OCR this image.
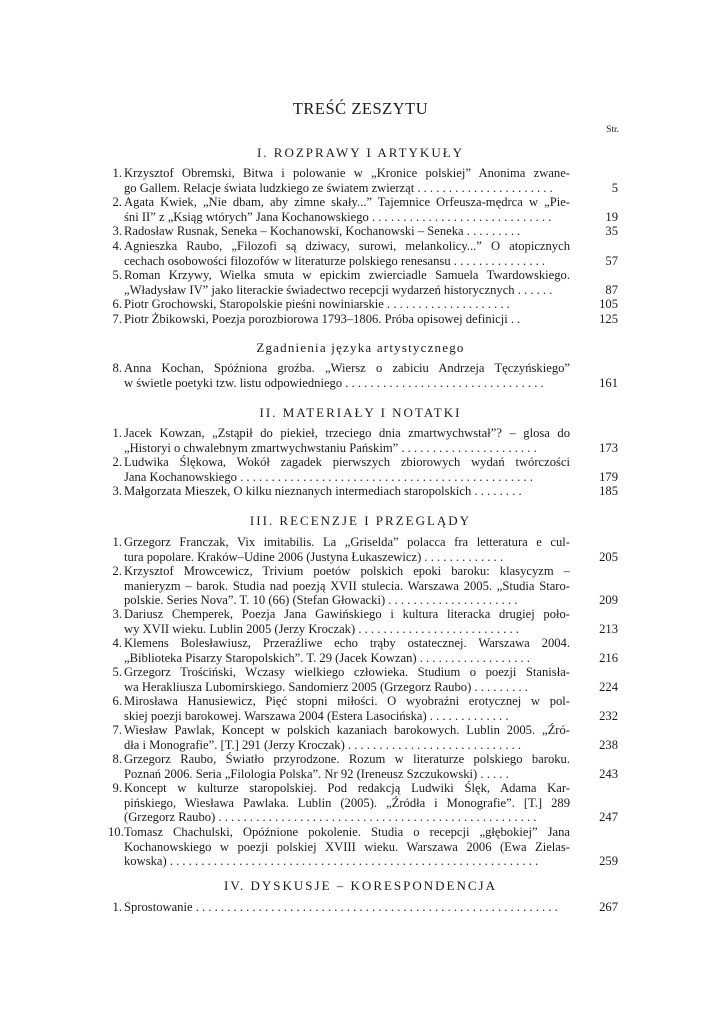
TREŚĆ ZESZYTU
Str.
I. ROZPRAWY I ARTYKUŁY
1. Krzysztof Obremski, Bitwa i polowanie w „Kronice polskiej” Anonima zwane-
go Gallem. Relacje świata ludzkiego ze światem zwierząt . . . . . . . . . . . . . . . . . . . . . .	5
2. Agata Kwiek, „Nie dbam, aby zimne skały...” Tajemnice Orfeusza-mędrca w „Pie-
śni II” z „Ksiąg wtórych” Jana Kochanowskiego . . . . . . . . . . . . . . . . . . . . . . . . . . . . .	19
3. Radosław Rusnak, Seneka – Kochanowski, Kochanowski – Seneka . . . . . . . . .	35
4. Agnieszka Raubo, „Filozofi są dziwacy, surowi, melankolicy...” O atopicznych
cechach osobowości filozofów w literaturze polskiego renesansu . . . . . . . . . . . . . . .	57
5. Roman Krzywy, Wielka smuta w epickim zwierciadle Samuela Twardowskiego.
„Władysław IV” jako literackie świadectwo recepcji wydarzeń historycznych . . . . . .	87
6. Piotr Grochowski, Staropolskie pieśni nowiniarskie . . . . . . . . . . . . . . . . . . . .	105
7. Piotr Żbikowski, Poezja porozbiorowa 1793–1806. Próba opisowej definicji . .	125
Zgadnienia języka artystycznego
8. Anna Kochan, Spóźniona groźba. „Wiersz o zabiciu Andrzeja Tęczyńskiego”
w świetle poetyki tzw. listu odpowiedniego . . . . . . . . . . . . . . . . . . . . . . . . . . . . . . . .	161
II. MATERIAŁY I NOTATKI
1. Jacek Kowzan, „Zstąpił do piekieł, trzeciego dnia zmartwychwstał”? – glosa do
„Historyi o chwalebnym zmartwychwstaniu Pańskim” . . . . . . . . . . . . . . . . . . . . . .	173
2. Ludwika Ślękowa, Wokół zagadek pierwszych zbiorowych wydań twórczości
Jana Kochanowskiego . . . . . . . . . . . . . . . . . . . . . . . . . . . . . . . . . . . . . . . . . . . . . . .	179
3. Małgorzata Mieszek, O kilku nieznanych intermediach staropolskich . . . . . . . .	185
III. RECENZJE I PRZEGLĄDY
1. Grzegorz Franczak, Vix imitabilis. La „Griselda” polacca fra letteratura e cul-
tura popolare. Kraków–Udine 2006 (Justyna Łukaszewicz) . . . . . . . . . . . . .	205
2. Krzysztof Mrowcewicz, Trivium poetów polskich epoki baroku: klasycyzm –
manieryzm – barok. Studia nad poezją XVII stulecia. Warszawa 2005. „Studia Staro-
polskie. Series Nova”. T. 10 (66) (Stefan Głowacki) . . . . . . . . . . . . . . . . . . . . .	209
3. Dariusz Chemperek, Poezja Jana Gawińskiego i kultura literacka drugiej poło-
wy XVII wieku. Lublin 2005 (Jerzy Kroczak) . . . . . . . . . . . . . . . . . . . . . . . . . .	213
4. Klemens Bolesławiusz, Przeraźliwe echo trąby ostatecznej. Warszawa 2004.
„Biblioteka Pisarzy Staropolskich”. T. 29 (Jacek Kowzan) . . . . . . . . . . . . . . . . . .	216
5. Grzegorz Trościński, Wczasy wielkiego człowieka. Studium o poezji Stanisła-
wa Herakliusza Lubomirskiego. Sandomierz 2005 (Grzegorz Raubo) . . . . . . . . .	224
6. Mirosława Hanusiewicz, Pięć stopni miłości. O wyobraźni erotycznej w pol-
skiej poezji barokowej. Warszawa 2004 (Estera Lasocińska) . . . . . . . . . . . . .	232
7. Wiesław Pawlak, Koncept w polskich kazaniach barokowych. Lublin 2005. „Źró-
dła i Monografie”. [T.] 291 (Jerzy Kroczak) . . . . . . . . . . . . . . . . . . . . . . . . . . . .	238
8. Grzegorz Raubo, Światło przyrodzone. Rozum w literaturze polskiego baroku.
Poznań 2006. Seria „Filologia Polska”. Nr 92 (Ireneusz Szczukowski) . . . . .	243
9. Koncept w kulturze staropolskiej. Pod redakcją Ludwiki Ślęk, Adama Kar-
pińskiego, Wiesława Pawlaka. Lublin (2005). „Źródła i Monografie”. [T.] 289
(Grzegorz Raubo) . . . . . . . . . . . . . . . . . . . . . . . . . . . . . . . . . . . . . . . . . . . . . . . . . . .	247
10. Tomasz Chachulski, Opóźnione pokolenie. Studia o recepcji „głębokiej” Jana
Kochanowskiego w poezji polskiej XVIII wieku. Warszawa 2006 (Ewa Zielas-
kowska) . . . . . . . . . . . . . . . . . . . . . . . . . . . . . . . . . . . . . . . . . . . . . . . . . . . . . . . . . . .	259
IV. DYSKUSJE – KORESPONDENCJA
1. Sprostowanie . . . . . . . . . . . . . . . . . . . . . . . . . . . . . . . . . . . . . . . . . . . . . . . . . . . . . . . . . .	267
